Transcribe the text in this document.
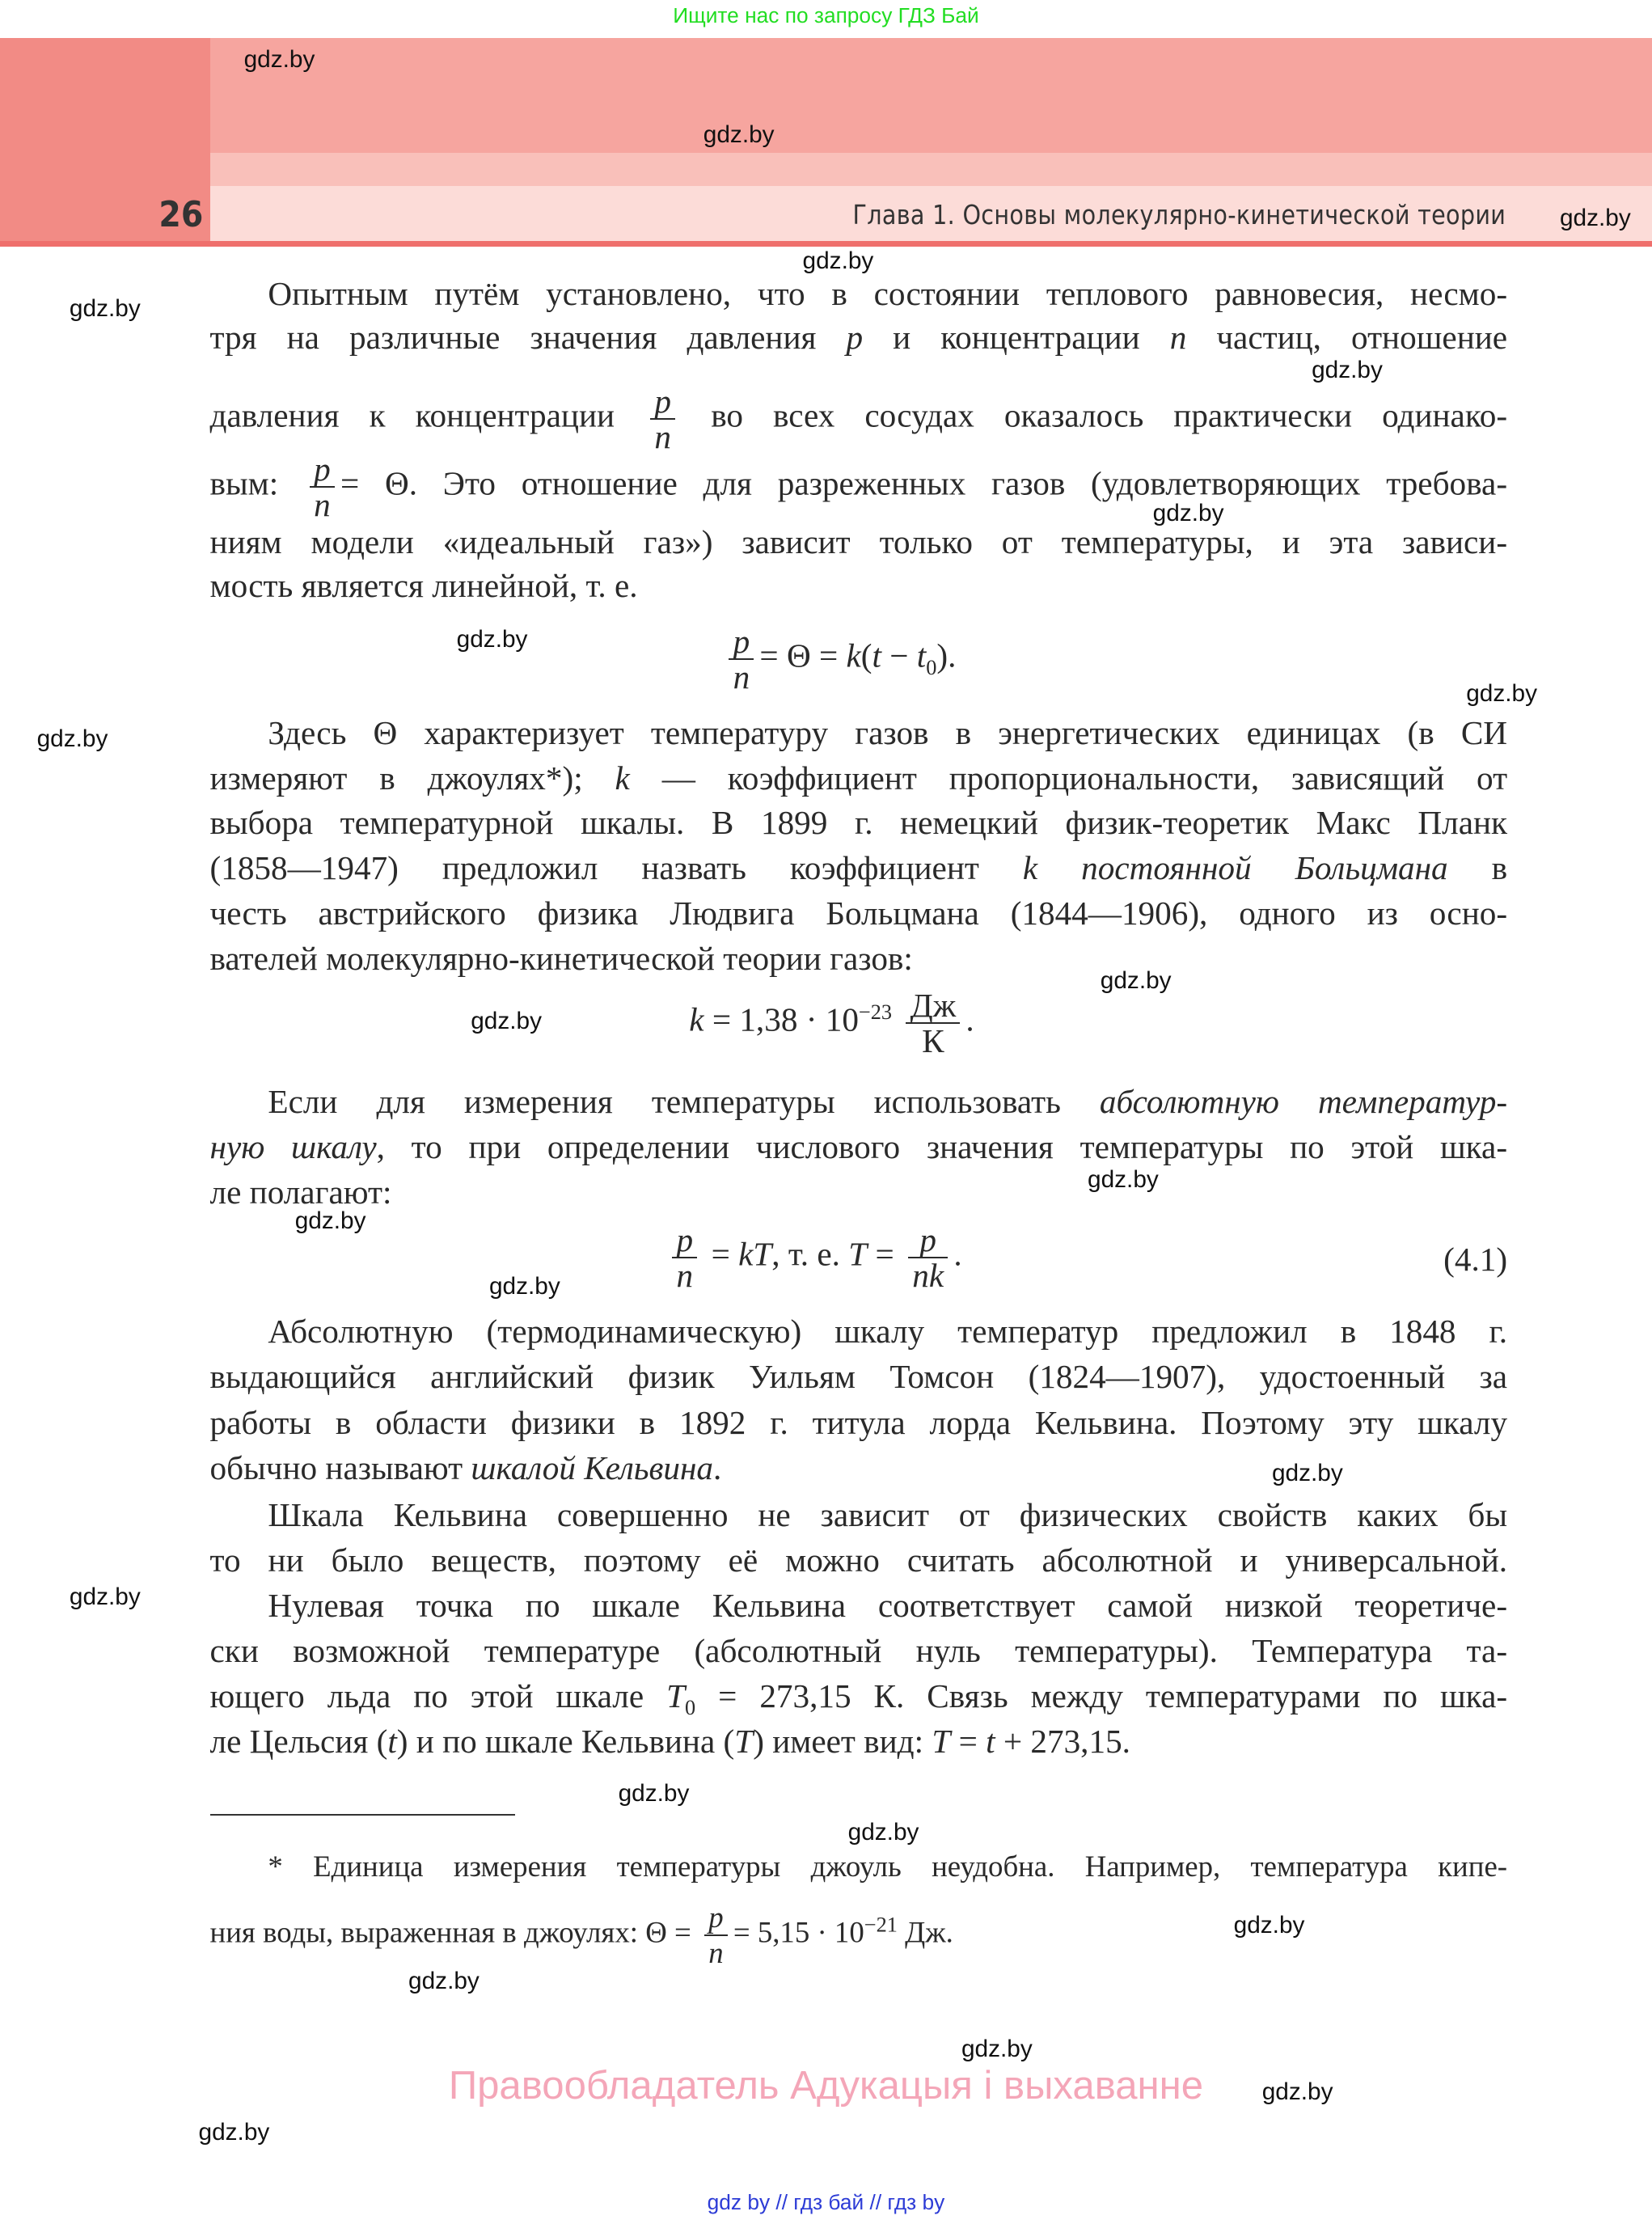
Ищите нас по запросу ГДЗ Бай
26	Глава 1. Основы молекулярно-кинетической теории
Опытным путём установлено, что в состоянии теплового равновесия, несмо-
тря на различные значения давления p и концентрации n частиц, отношение
давления к концентрации $\frac{p}{n}$ во всех сосудах оказалось практически одинако-
вым: $\frac{p}{n} = \Theta$. Это отношение для разреженных газов (удовлетворяющих требова-
ниям модели «идеальный газ») зависит только от температуры, и эта зависи-
мость является линейной, т. е.
Здесь Θ характеризует температуру газов в энергетических единицах (в СИ
измеряют в джоулях*); k — коэффициент пропорциональности, зависящий от
выбора температурной шкалы. В 1899 г. немецкий физик-теоретик Макс Планк
(1858—1947) предложил назвать коэффициент k постоянной Больцмана в
честь австрийского физика Людвига Больцмана (1844—1906), одного из осно-
вателей молекулярно-кинетической теории газов:
Если для измерения температуры использовать абсолютную температур-
ную шкалу, то при определении числового значения температуры по этой шка-
ле полагают:
Абсолютную (термодинамическую) шкалу температур предложил в 1848 г.
выдающийся английский физик Уильям Томсон (1824—1907), удостоенный за
работы в области физики в 1892 г. титула лорда Кельвина. Поэтому эту шкалу
обычно называют шкалой Кельвина.
Шкала Кельвина совершенно не зависит от физических свойств каких бы
то ни было веществ, поэтому её можно считать абсолютной и универсальной.
Нулевая точка по шкале Кельвина соответствует самой низкой теоретиче-
ски возможной температуре (абсолютный нуль температуры). Температура та-
ющего льда по этой шкале $T_0 = 273,15$ К. Связь между температурами по шка-
ле Цельсия (t) и по шкале Кельвина (T) имеет вид: T = t + 273,15.
$\frac{p}{n} = \Theta = k(t - t_0)$.
$k = 1,38 \cdot 10^{-23} \frac{Дж}{К}$ .
$\frac{p}{n}$ = kT, т. е. $T = \frac{p}{nk}$ .	(4.1)
* Единица измерения температуры джоуль неудобна. Например, температура кипе-
ния воды, выраженная в джоулях: $\Theta = \frac{p}{n} = 5,15 \cdot 10^{-21}$ Дж.
Правообладатель Адукацыя і выхаванне
gdz by // гдз бай // гдз by
gdz.by
gdz.by
gdz.by
gdz.by
gdz.by
gdz.by
gdz.by
gdz.by
gdz.by
gdz.by
gdz.by
gdz.by
gdz.by
gdz.by
gdz.by
gdz.by
gdz.by
gdz.by
gdz.by
gdz.by
gdz.by
gdz.by
gdz.by
gdz.by
